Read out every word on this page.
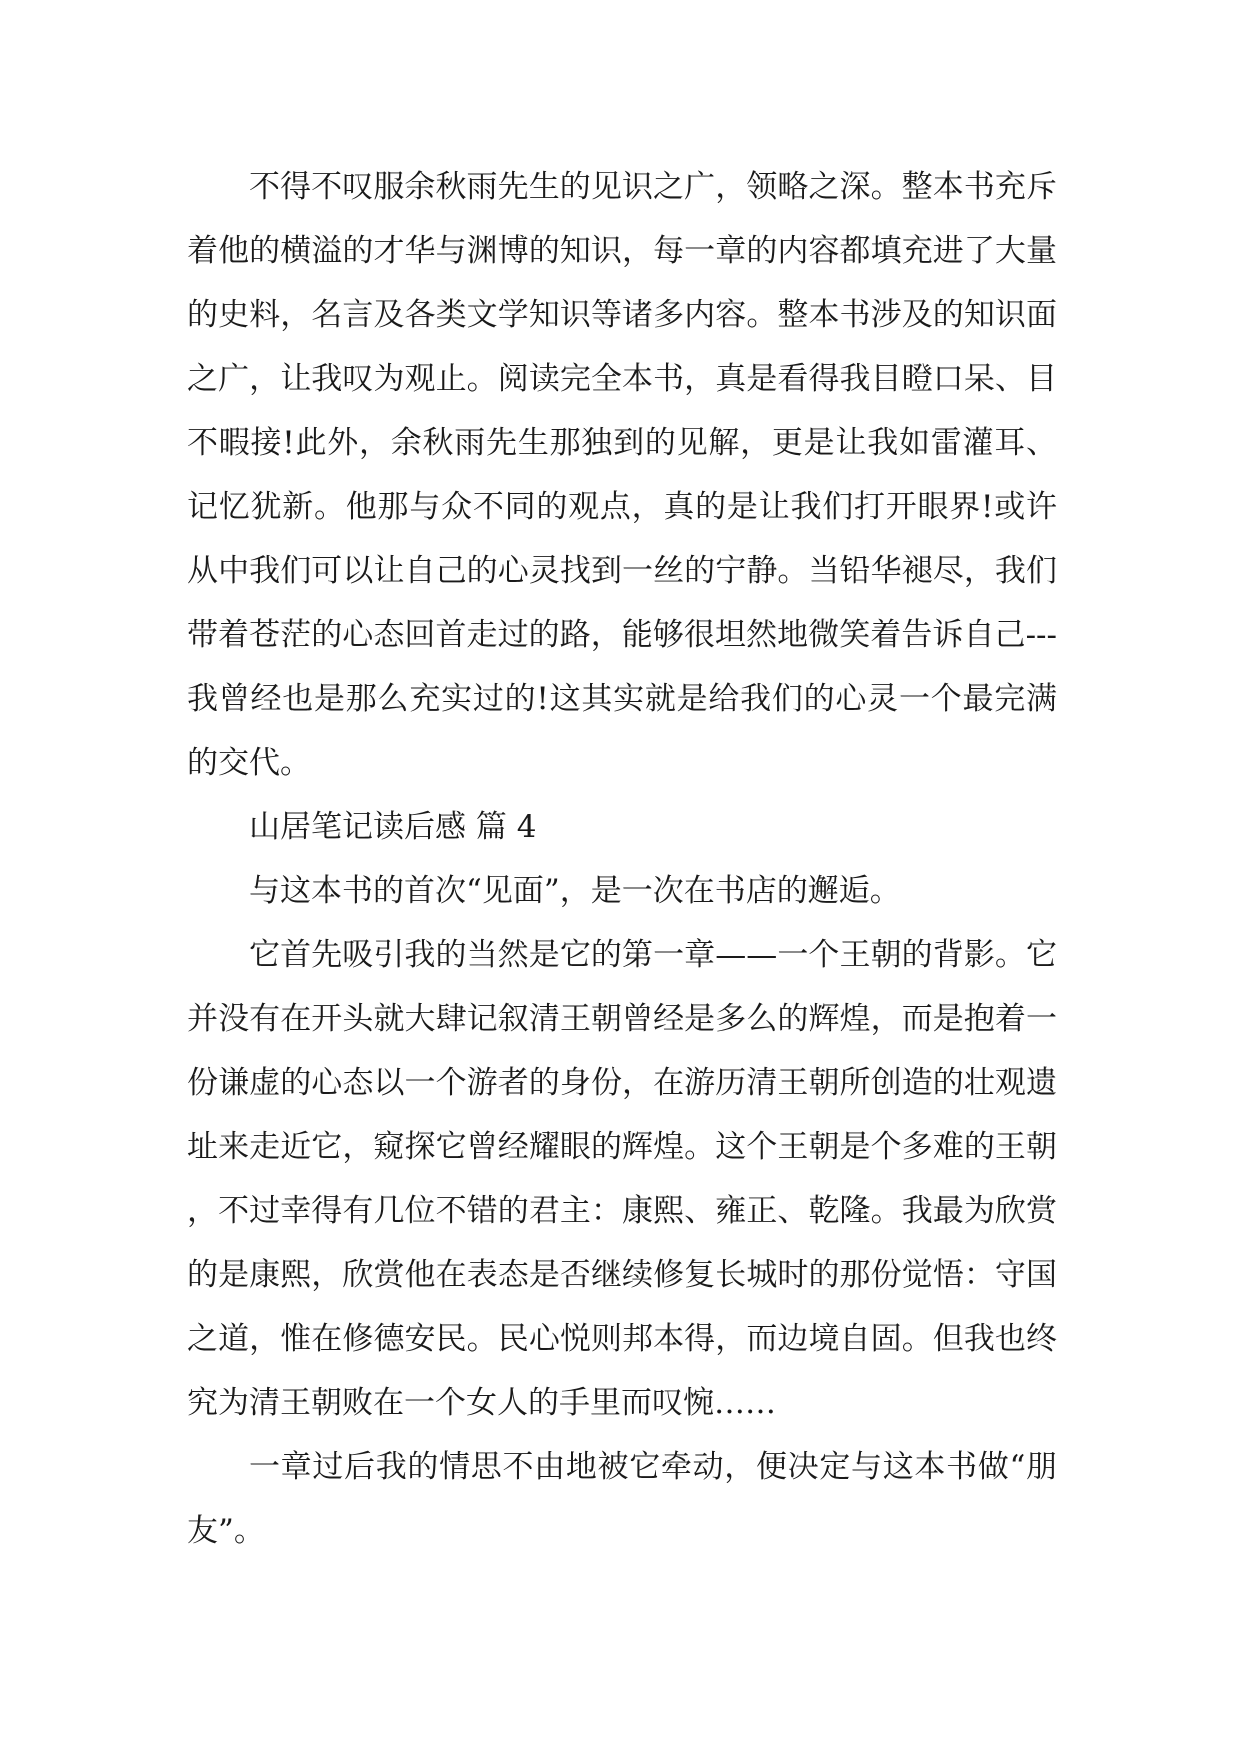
不得不叹服余秋雨先生的见识之广，领略之深。整本书充斥着他的横溢的才华与渊博的知识，每一章的内容都填充进了大量的史料，名言及各类文学知识等诸多内容。整本书涉及的知识面之广，让我叹为观止。阅读完全本书，真是看得我目瞪口呆、目不暇接!此外，余秋雨先生那独到的见解，更是让我如雷灌耳、记忆犹新。他那与众不同的观点，真的是让我们打开眼界!或许从中我们可以让自己的心灵找到一丝的宁静。当铅华褪尽，我们带着苍茫的心态回首走过的路，能够很坦然地微笑着告诉自己---我曾经也是那么充实过的!这其实就是给我们的心灵一个最完满的交代。

山居笔记读后感 篇 4

与这本书的首次“见面”，是一次在书店的邂逅。

它首先吸引我的当然是它的第一章——一个王朝的背影。它并没有在开头就大肆记叙清王朝曾经是多么的辉煌，而是抱着一份谦虚的心态以一个游者的身份，在游历清王朝所创造的壮观遗址来走近它，窥探它曾经耀眼的辉煌。这个王朝是个多难的王朝，不过幸得有几位不错的君主：康熙、雍正、乾隆。我最为欣赏的是康熙，欣赏他在表态是否继续修复长城时的那份觉悟：守国之道，惟在修德安民。民心悦则邦本得，而边境自固。但我也终究为清王朝败在一个女人的手里而叹惋……

一章过后我的情思不由地被它牵动，便决定与这本书做“朋友”。
